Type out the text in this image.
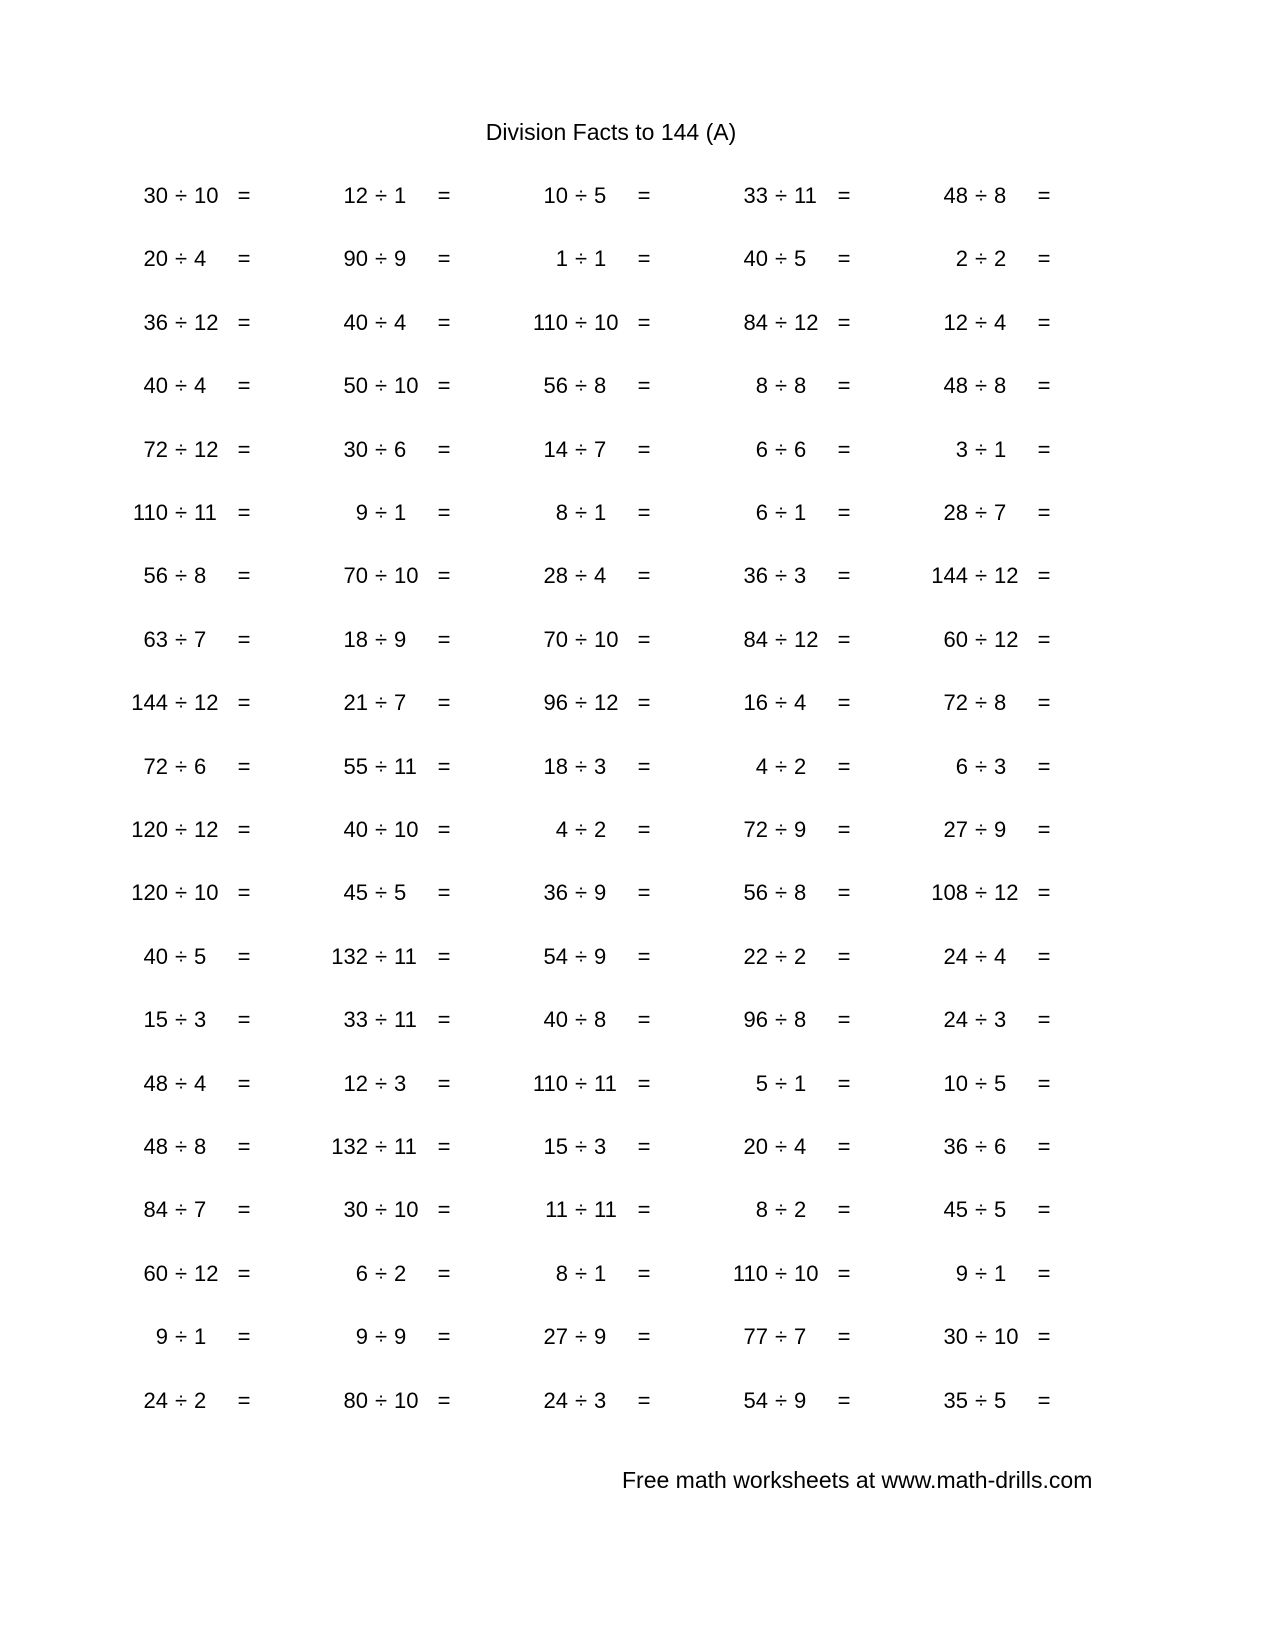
Division Facts to 144 (A)
30 ÷ 10 =	12 ÷ 1	=	10 ÷ 5	=	33 ÷ 11 =	48 ÷ 8	=
20 ÷ 4	=	90 ÷ 9	=	1 ÷ 1	=	40 ÷ 5	=	2 ÷ 2	=
36 ÷ 12 =	40 ÷ 4	=	110 ÷ 10 =	84 ÷ 12 =	12 ÷ 4	=
40 ÷ 4	=	50 ÷ 10 =	56 ÷ 8	=	8 ÷ 8	=	48 ÷ 8	=
72 ÷ 12 =	30 ÷ 6	=	14 ÷ 7	=	6 ÷ 6	=	3 ÷ 1	=
110 ÷ 11 =	9 ÷ 1	=	8 ÷ 1	=	6 ÷ 1	=	28 ÷ 7	=
56 ÷ 8	=	70 ÷ 10 =	28 ÷ 4	=	36 ÷ 3	=	144 ÷ 12 =
63 ÷ 7	=	18 ÷ 9	=	70 ÷ 10 =	84 ÷ 12 =	60 ÷ 12 =
144 ÷ 12 =	21 ÷ 7	=	96 ÷ 12 =	16 ÷ 4	=	72 ÷ 8	=
72 ÷ 6	=	55 ÷ 11 =	18 ÷ 3	=	4 ÷ 2	=	6 ÷ 3	=
120 ÷ 12 =	40 ÷ 10 =	4 ÷ 2	=	72 ÷ 9	=	27 ÷ 9	=
120 ÷ 10 =	45 ÷ 5	=	36 ÷ 9	=	56 ÷ 8	=	108 ÷ 12 =
40 ÷ 5	=	132 ÷ 11 =	54 ÷ 9	=	22 ÷ 2	=	24 ÷ 4	=
15 ÷ 3	=	33 ÷ 11 =	40 ÷ 8	=	96 ÷ 8	=	24 ÷ 3	=
48 ÷ 4	=	12 ÷ 3	=	110 ÷ 11 =	5 ÷ 1	=	10 ÷ 5	=
48 ÷ 8	=	132 ÷ 11 =	15 ÷ 3	=	20 ÷ 4	=	36 ÷ 6	=
84 ÷ 7	=	30 ÷ 10 =	11 ÷ 11 =	8 ÷ 2	=	45 ÷ 5	=
60 ÷ 12 =	6 ÷ 2	=	8 ÷ 1	=	110 ÷ 10 =	9 ÷ 1	=
9 ÷ 1	=	9 ÷ 9	=	27 ÷ 9	=	77 ÷ 7	=	30 ÷ 10 =
24 ÷ 2	=	80 ÷ 10 =	24 ÷ 3	=	54 ÷ 9	=	35 ÷ 5	=
Free math worksheets at www.math-drills.com
